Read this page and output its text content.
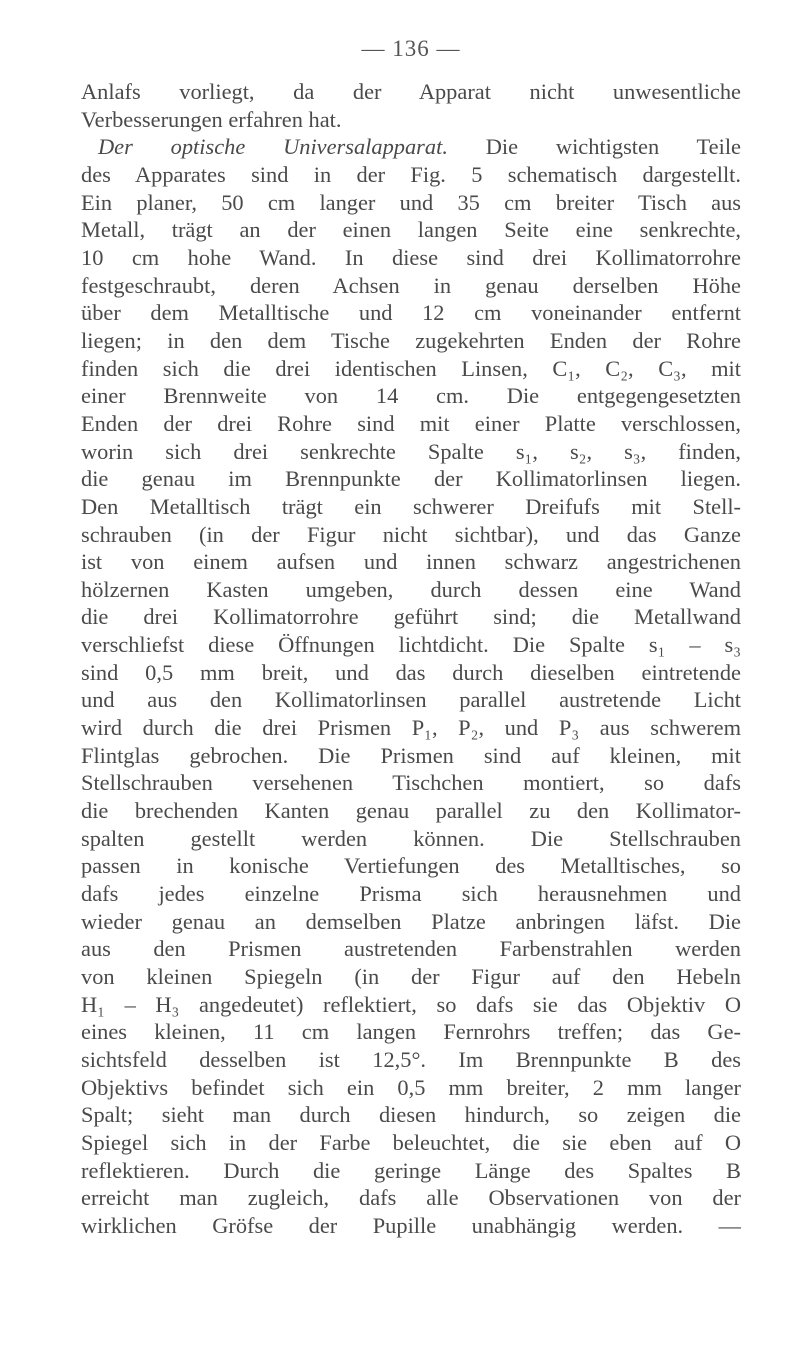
— 136 —
Anlafs vorliegt, da der Apparat nicht unwesentliche
Verbesserungen erfahren hat.
Der optische Universalapparat. Die wichtigsten Teile
des Apparates sind in der Fig. 5 schematisch dargestellt.
Ein planer, 50 cm langer und 35 cm breiter Tisch aus
Metall, trägt an der einen langen Seite eine senkrechte,
10 cm hohe Wand. In diese sind drei Kollimatorrohre
festgeschraubt, deren Achsen in genau derselben Höhe
über dem Metalltische und 12 cm voneinander entfernt
liegen; in den dem Tische zugekehrten Enden der Rohre
finden sich die drei identischen Linsen, C₁, C₂, C₃, mit
einer Brennweite von 14 cm. Die entgegengesetzten
Enden der drei Rohre sind mit einer Platte verschlossen,
worin sich drei senkrechte Spalte s₁, s₂, s₃, finden,
die genau im Brennpunkte der Kollimatorlinsen liegen.
Den Metalltisch trägt ein schwerer Dreifufs mit Stell-
schrauben (in der Figur nicht sichtbar), und das Ganze
ist von einem aufsen und innen schwarz angestrichenen
hölzernen Kasten umgeben, durch dessen eine Wand
die drei Kollimatorrohre geführt sind; die Metallwand
verschliefst diese Öffnungen lichtdicht. Die Spalte s₁ – s₃
sind 0,5 mm breit, und das durch dieselben eintretende
und aus den Kollimatorlinsen parallel austretende Licht
wird durch die drei Prismen P₁, P₂, und P₃ aus schwerem
Flintglas gebrochen. Die Prismen sind auf kleinen, mit
Stellschrauben versehenen Tischchen montiert, so dafs
die brechenden Kanten genau parallel zu den Kollimator-
spalten gestellt werden können. Die Stellschrauben
passen in konische Vertiefungen des Metalltisches, so
dafs jedes einzelne Prisma sich herausnehmen und
wieder genau an demselben Platze anbringen läfst. Die
aus den Prismen austretenden Farbenstrahlen werden
von kleinen Spiegeln (in der Figur auf den Hebeln
H₁ – H₃ angedeutet) reflektiert, so dafs sie das Objektiv O
eines kleinen, 11 cm langen Fernrohrs treffen; das Ge-
sichtsfeld desselben ist 12,5°. Im Brennpunkte B des
Objektivs befindet sich ein 0,5 mm breiter, 2 mm langer
Spalt; sieht man durch diesen hindurch, so zeigen die
Spiegel sich in der Farbe beleuchtet, die sie eben auf O
reflektieren. Durch die geringe Länge des Spaltes B
erreicht man zugleich, dafs alle Observationen von der
wirklichen Gröfse der Pupille unabhängig werden. —
